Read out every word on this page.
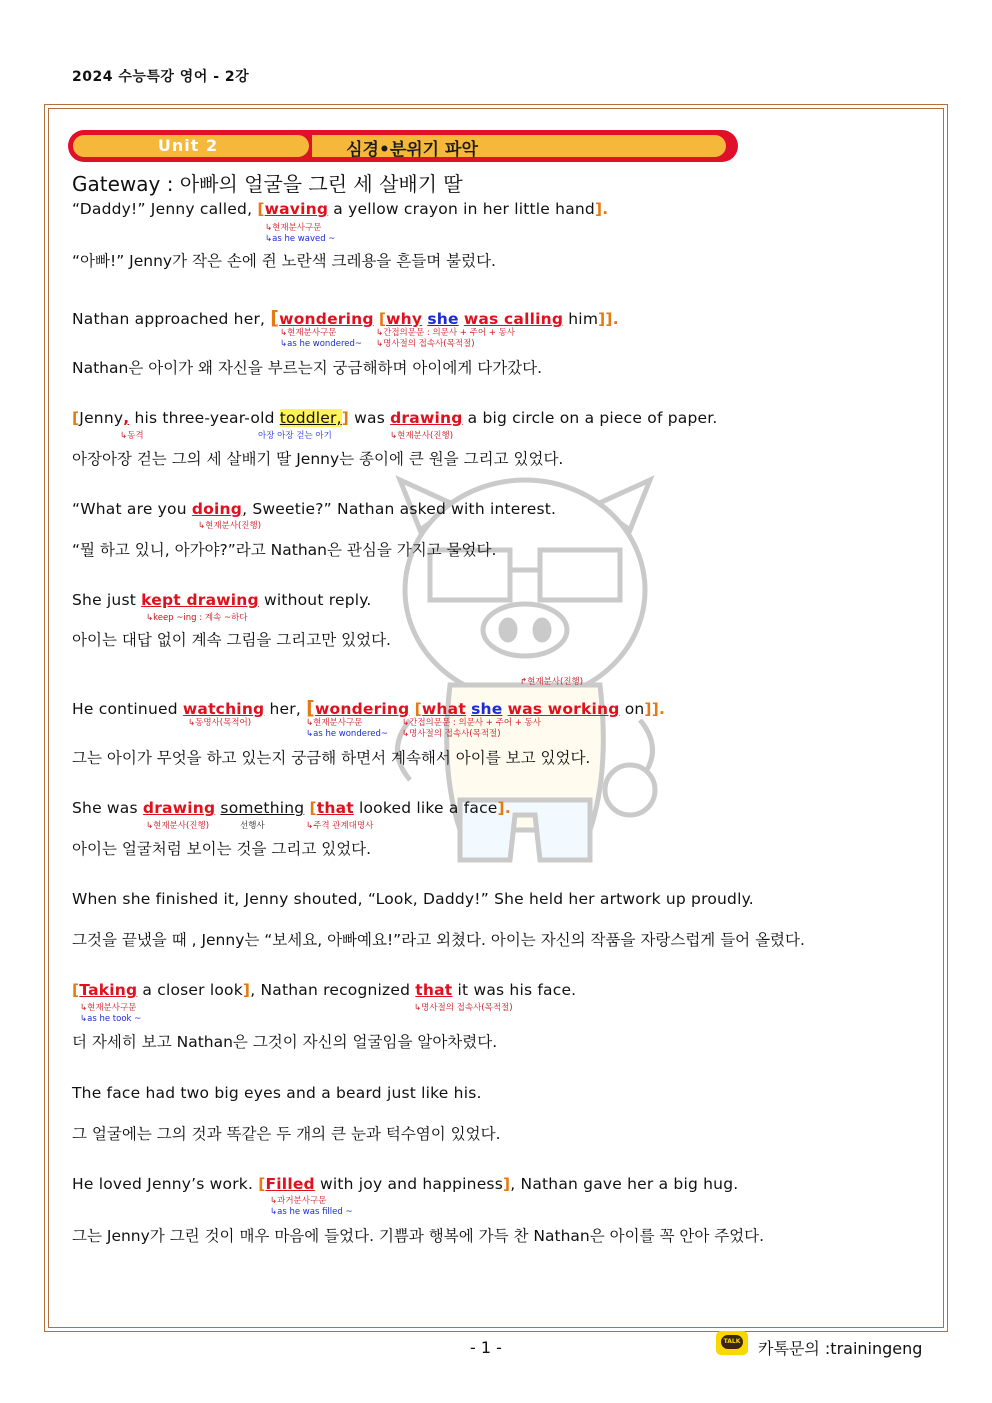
2024 수능특강 영어 - 2강
Unit 2	심경•분위기 파악
Gateway : 아빠의 얼굴을 그린 세 살배기 딸
“Daddy!” Jenny called, [waving a yellow crayon in her little hand].
↳현재분사구문
↳as he waved ~
“아빠!” Jenny가 작은 손에 쥔 노란색 크레용을 흔들며 불렀다.
Nathan approached her, [wondering [why she was calling him]].
↳현재분사구문
↳as he wondered~
↳간접의문문 : 의문사 + 주어 + 동사
↳명사절의 접속사(목적절)
Nathan은 아이가 왜 자신을 부르는지 궁금해하며 아이에게 다가갔다.
[Jenny, his three-year-old toddler,] was drawing a big circle on a piece of paper.
↳동격	아장 아장 걷는 아기	↳현재분사(진행)
아장아장 걷는 그의 세 살배기 딸 Jenny는 종이에 큰 원을 그리고 있었다.
“What are you doing, Sweetie?” Nathan asked with interest.
↳현재분사(진행)
“뭘 하고 있니, 아가야?”라고 Nathan은 관심을 가지고 물었다.
She just kept drawing without reply.
↳keep ~ing : 계속 ~하다
아이는 대답 없이 계속 그림을 그리고만 있었다.
↱현재분사(진행)
He continued watching her, [wondering [what she was working on]].
↳동명사(목적어)	↳현재분사구문
↳as he wondered~
↳간접의문문 : 의문사 + 주어 + 동사
↳명사절의 접속사(목적절)
그는 아이가 무엇을 하고 있는지 궁금해 하면서 계속해서 아이를 보고 있었다.
She was drawing something [that looked like a face].
↳현재분사(진행)	선행사	↳주격 관계대명사
아이는 얼굴처럼 보이는 것을 그리고 있었다.
When she finished it, Jenny shouted, “Look, Daddy!” She held her artwork up proudly.
그것을 끝냈을 때 , Jenny는 “보세요, 아빠예요!”라고 외쳤다. 아이는 자신의 작품을 자랑스럽게 들어 올렸다.
[Taking a closer look], Nathan recognized that it was his face.
↳현재분사구문
↳as he took ~
↳명사절의 접속사(목적절)
더 자세히 보고 Nathan은 그것이 자신의 얼굴임을 알아차렸다.
The face had two big eyes and a beard just like his.
그 얼굴에는 그의 것과 똑같은 두 개의 큰 눈과 턱수염이 있었다.
He loved Jenny’s work. [Filled with joy and happiness], Nathan gave her a big hug.
↳과거분사구문
↳as he was filled ~
그는 Jenny가 그린 것이 매우 마음에 들었다. 기쁨과 행복에 가득 찬 Nathan은 아이를 꼭 안아 주었다.
- 1 -	TALK 카톡문의 :trainingeng
